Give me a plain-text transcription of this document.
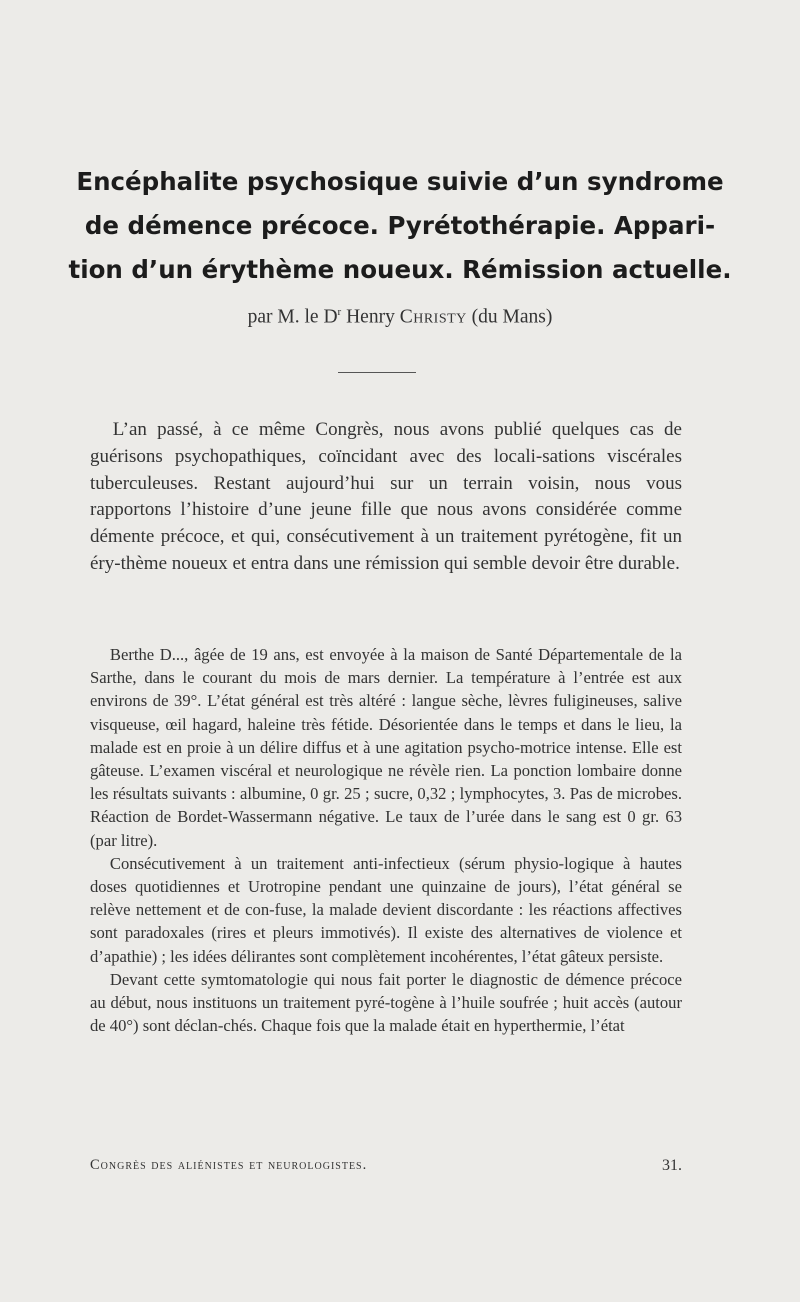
Encéphalite psychosique suivie d’un syndrome
de démence précoce. Pyrétothérapie. Appari-
tion d’un érythème noueux. Rémission actuelle.

par M. le $D^r$ Henry Christy (du Mans)

L’an passé, à ce même Congrès, nous avons publié quelques cas de guérisons psychopathiques, coïncidant avec des locali-sations viscérales tuberculeuses. Restant aujourd’hui sur un terrain voisin, nous vous rapportons l’histoire d’une jeune fille que nous avons considérée comme démente précoce, et qui, consécutivement à un traitement pyrétogène, fit un éry-thème noueux et entra dans une rémission qui semble devoir être durable.

Berthe D..., âgée de 19 ans, est envoyée à la maison de Santé Départementale de la Sarthe, dans le courant du mois de mars dernier. La température à l’entrée est aux environs de 39°. L’état général est très altéré : langue sèche, lèvres fuligineuses, salive visqueuse, œil hagard, haleine très fétide. Désorientée dans le temps et dans le lieu, la malade est en proie à un délire diffus et à une agitation psycho-motrice intense. Elle est gâteuse. L’examen viscéral et neurologique ne révèle rien. La ponction lombaire donne les résultats suivants : albumine, 0 gr. 25 ; sucre, 0,32 ; lymphocytes, 3. Pas de microbes. Réaction de Bordet-Wassermann négative. Le taux de l’urée dans le sang est 0 gr. 63 (par litre).

Consécutivement à un traitement anti-infectieux (sérum physio-logique à hautes doses quotidiennes et Urotropine pendant une quinzaine de jours), l’état général se relève nettement et de con-fuse, la malade devient discordante : les réactions affectives sont paradoxales (rires et pleurs immotivés). Il existe des alternatives de violence et d’apathie) ; les idées délirantes sont complètement incohérentes, l’état gâteux persiste.

Devant cette symtomatologie qui nous fait porter le diagnostic de démence précoce au début, nous instituons un traitement pyré-togène à l’huile soufrée ; huit accès (autour de 40°) sont déclan-chés. Chaque fois que la malade était en hyperthermie, l’état

Congrès des aliénistes et neurologistes.	31.
